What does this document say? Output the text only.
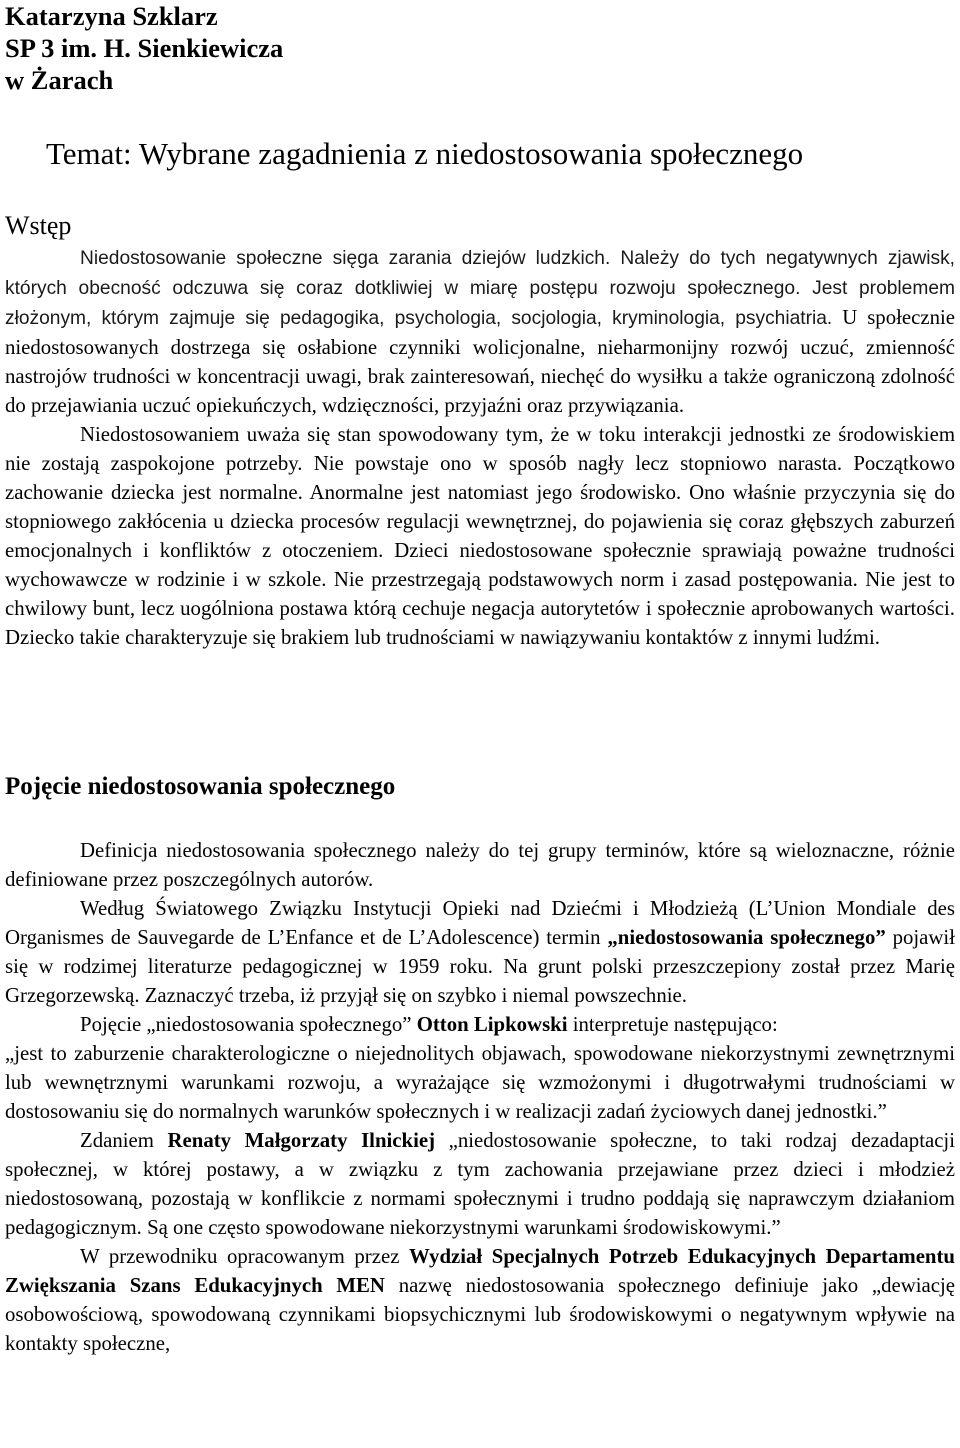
Katarzyna Szklarz
SP 3 im. H. Sienkiewicza
w Żarach
Temat: Wybrane zagadnienia z niedostosowania społecznego
Wstęp
Niedostosowanie społeczne sięga zarania dziejów ludzkich. Należy do tych negatywnych zjawisk, których obecność odczuwa się coraz dotkliwiej w miarę postępu rozwoju społecznego. Jest problemem złożonym, którym zajmuje się pedagogika, psychologia, socjologia, kryminologia, psychiatria. U społecznie niedostosowanych dostrzega się osłabione czynniki wolicjonalne, nieharmonijny rozwój uczuć, zmienność nastrojów trudności w koncentracji uwagi, brak zainteresowań, niechęć do wysiłku a także ograniczoną zdolność do przejawiania uczuć opiekuńczych, wdzięczności, przyjaźni oraz przywiązania.
Niedostosowaniem uważa się stan spowodowany tym, że w toku interakcji jednostki ze środowiskiem nie zostają zaspokojone potrzeby. Nie powstaje ono w sposób nagły lecz stopniowo narasta. Początkowo zachowanie dziecka jest normalne. Anormalne jest natomiast jego środowisko. Ono właśnie przyczynia się do stopniowego zakłócenia u dziecka procesów regulacji wewnętrznej, do pojawienia się coraz głębszych zaburzeń emocjonalnych i konfliktów z otoczeniem. Dzieci niedostosowane społecznie sprawiają poważne trudności wychowawcze w rodzinie i w szkole. Nie przestrzegają podstawowych norm i zasad postępowania. Nie jest to chwilowy bunt, lecz uogólniona postawa którą cechuje negacja autorytetów i społecznie aprobowanych wartości. Dziecko takie charakteryzuje się brakiem lub trudnościami w nawiązywaniu kontaktów z innymi ludźmi.
Pojęcie niedostosowania społecznego

Definicja niedostosowania społecznego należy do tej grupy terminów, które są wieloznaczne, różnie definiowane przez poszczególnych autorów.

Według Światowego Związku Instytucji Opieki nad Dziećmi i Młodzieżą (L’Union Mondiale des Organismes de Sauvegarde de L’Enfance et de L’Adolescence) termin „niedostosowania społecznego” pojawił się w rodzimej literaturze pedagogicznej w 1959 roku. Na grunt polski przeszczepiony został przez Marię Grzegorzewską. Zaznaczyć trzeba, iż przyjął się on szybko i niemal powszechnie.

Pojęcie „niedostosowania społecznego” Otton Lipkowski interpretuje następująco:

„jest to zaburzenie charakterologiczne o niejednolitych objawach, spowodowane niekorzystnymi zewnętrznymi lub wewnętrznymi warunkami rozwoju, a wyrażające się wzmożonymi i długotrwałymi trudnościami w dostosowaniu się do normalnych warunków społecznych i w realizacji zadań życiowych danej jednostki.”

Zdaniem Renaty Małgorzaty Ilnickiej „niedostosowanie społeczne, to taki rodzaj dezadaptacji społecznej, w której postawy, a w związku z tym zachowania przejawiane przez dzieci i młodzież niedostosowaną, pozostają w konflikcie z normami społecznymi i trudno poddają się naprawczym działaniom pedagogicznym. Są one często spowodowane niekorzystnymi warunkami środowiskowymi.”

W przewodniku opracowanym przez Wydział Specjalnych Potrzeb Edukacyjnych Departamentu Zwiększania Szans Edukacyjnych MEN nazwę niedostosowania społecznego definiuje jako „dewiację osobowościową, spowodowaną czynnikami biopsychicznymi lub środowiskowymi o negatywnym wpływie na kontakty społeczne,
